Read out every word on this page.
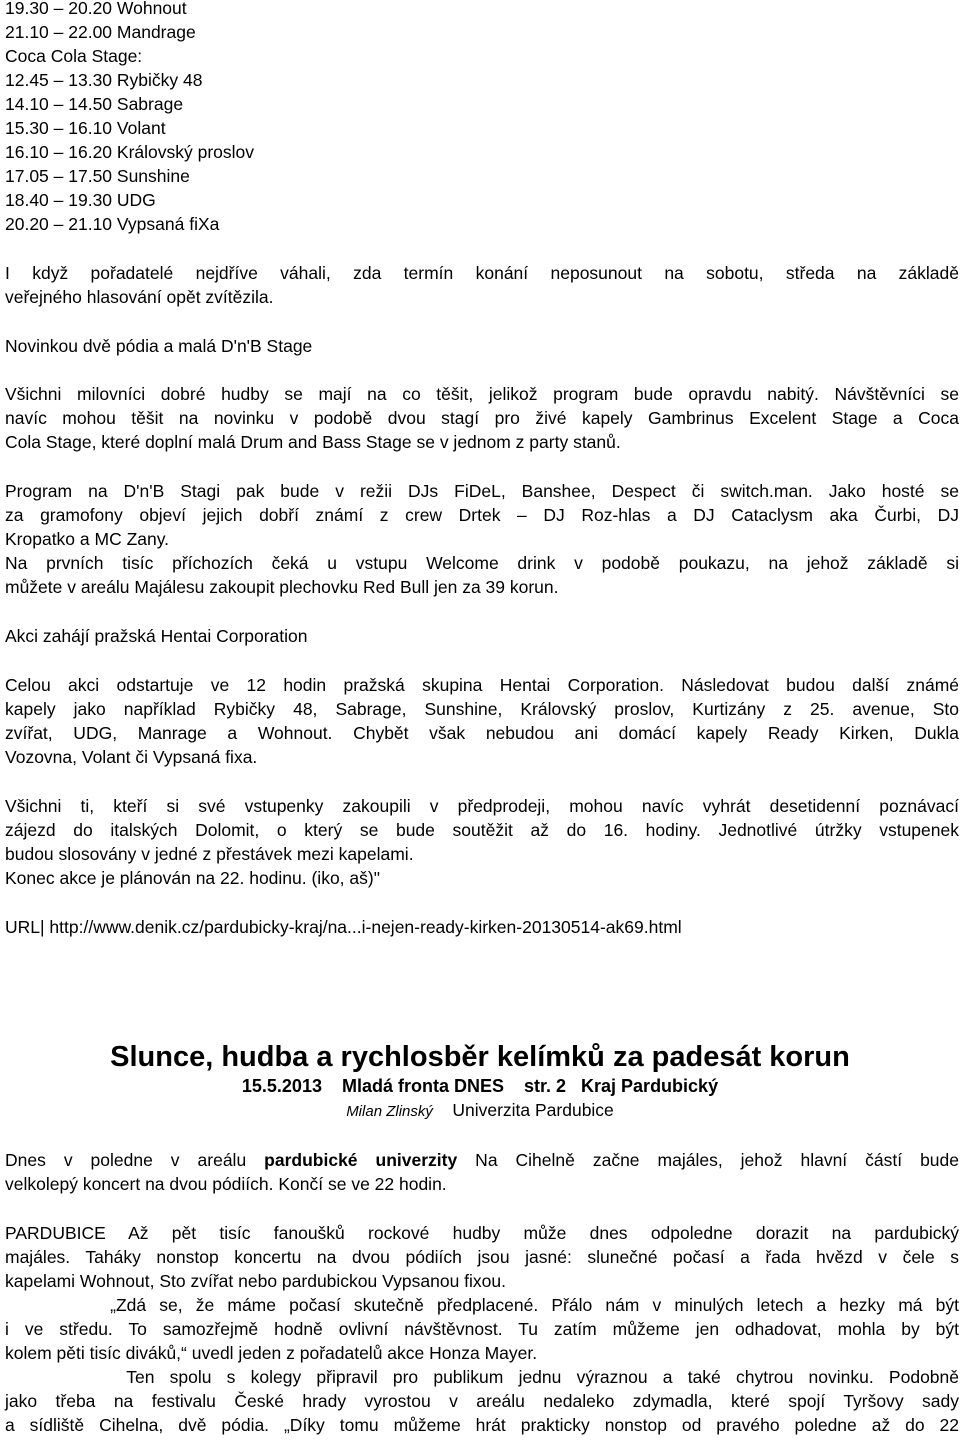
19.30 – 20.20 Wohnout
21.10 – 22.00 Mandrage
Coca Cola Stage:
12.45 – 13.30 Rybičky 48
14.10 – 14.50 Sabrage
15.30 – 16.10 Volant
16.10 – 16.20 Královský proslov
17.05 – 17.50 Sunshine
18.40 – 19.30 UDG
20.20 – 21.10 Vypsaná fiXa
I když pořadatelé nejdříve váhali, zda termín konání neposunout na sobotu, středa na základě
veřejného hlasování opět zvítězila.
Novinkou dvě pódia a malá D'n'B Stage
Všichni milovníci dobré hudby se mají na co těšit, jelikož program bude opravdu nabitý. Návštěvníci se
navíc mohou těšit na novinku v podobě dvou stagí pro živé kapely Gambrinus Excelent Stage a Coca
Cola Stage, které doplní malá Drum and Bass Stage se v jednom z party stanů.
Program na D'n'B Stagi pak bude v režii DJs FiDeL, Banshee, Despect či switch.man. Jako hosté se
za gramofony objeví jejich dobří známí z crew Drtek – DJ Roz-hlas a DJ Cataclysm aka Čurbi, DJ
Kropatko a MC Zany.
Na prvních tisíc příchozích čeká u vstupu Welcome drink v podobě poukazu, na jehož základě si
můžete v areálu Majálesu zakoupit plechovku Red Bull jen za 39 korun.
Akci zahájí pražská Hentai Corporation
Celou akci odstartuje ve 12 hodin pražská skupina Hentai Corporation. Následovat budou další známé
kapely jako například Rybičky 48, Sabrage, Sunshine, Královský proslov, Kurtizány z 25. avenue, Sto
zvířat, UDG, Manrage a Wohnout. Chybět však nebudou ani domácí kapely Ready Kirken, Dukla
Vozovna, Volant či Vypsaná fixa.
Všichni ti, kteří si své vstupenky zakoupili v předprodeji, mohou navíc vyhrát desetidenní poznávací
zájezd do italských Dolomit, o který se bude soutěžit až do 16. hodiny. Jednotlivé útržky vstupenek
budou slosovány v jedné z přestávek mezi kapelami.
Konec akce je plánován na 22. hodinu. (iko, aš)"
URL| http://www.denik.cz/pardubicky-kraj/na...i-nejen-ready-kirken-20130514-ak69.html
Slunce, hudba a rychlosběr kelímků za padesát korun
15.5.2013    Mladá fronta DNES    str. 2   Kraj Pardubický
Milan Zlinský Univerzita Pardubice
Dnes v poledne v areálu pardubické univerzity Na Cihelně začne majáles, jehož hlavní částí bude
velkolepý koncert na dvou pódiích. Končí se ve 22 hodin.
PARDUBICE Až pět tisíc fanoušků rockové hudby může dnes odpoledne dorazit na pardubický
majáles. Taháky nonstop koncertu na dvou pódiích jsou jasné: slunečné počasí a řada hvězd v čele s
kapelami Wohnout, Sto zvířat nebo pardubickou Vypsanou fixou.
„Zdá se, že máme počasí skutečně předplacené. Přálo nám v minulých letech a hezky má být
i ve středu. To samozřejmě hodně ovlivní návštěvnost. Tu zatím můžeme jen odhadovat, mohla by být
kolem pěti tisíc diváků,“ uvedl jeden z pořadatelů akce Honza Mayer.
Ten spolu s kolegy připravil pro publikum jednu výraznou a také chytrou novinku. Podobně
jako třeba na festivalu České hrady vyrostou v areálu nedaleko zdymadla, které spojí Tyršovy sady
a sídliště Cihelna, dvě pódia. „Díky tomu můžeme hrát prakticky nonstop od pravého poledne až do 22
